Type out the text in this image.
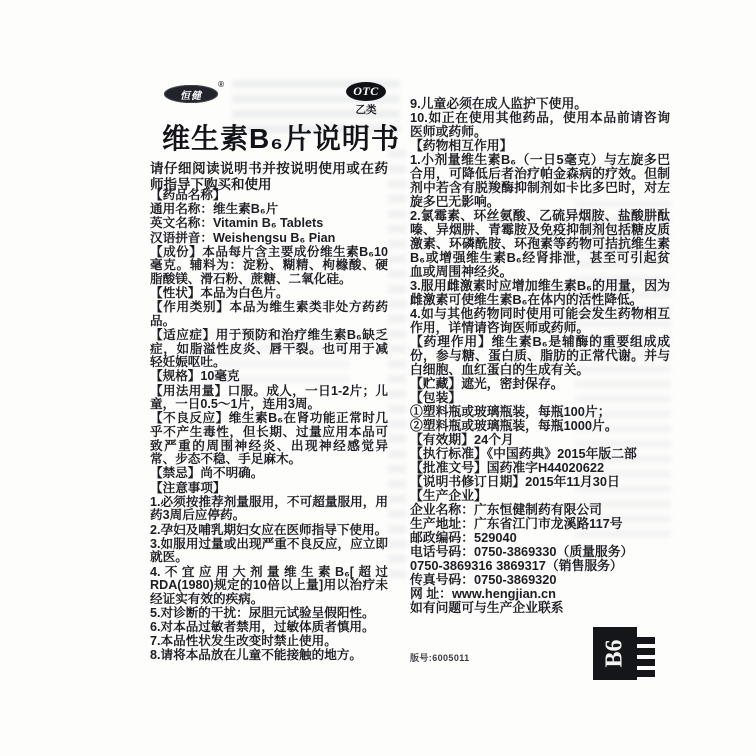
恒健
®	OTC
乙类
维生素B₆片说明书

请仔细阅读说明书并按说明使用或在药师指导下购买和使用

【药品名称】

通用名称：维生素B₆片

英文名称：Vitamin B₆ Tablets

汉语拼音：Weishengsu B₆ Pian

【成份】本品每片含主要成份维生素B₆10毫克。辅料为：淀粉、糊精、枸橼酸、硬脂酸镁、滑石粉、蔗糖、二氧化硅。

【性状】本品为白色片。

【作用类别】本品为维生素类非处方药药品。

【适应症】用于预防和治疗维生素B₆缺乏症，如脂溢性皮炎、唇干裂。也可用于减轻妊娠呕吐。

【规格】10毫克

【用法用量】口服。成人，一日1-2片；儿童，一日0.5～1片，连用3周。

【不良反应】维生素B₆在肾功能正常时几乎不产生毒性，但长期、过量应用本品可致严重的周围神经炎、出现神经感觉异常、步态不稳、手足麻木。

【禁忌】尚不明确。

【注意事项】

1.必须按推荐剂量服用，不可超量服用，用药3周后应停药。

2.孕妇及哺乳期妇女应在医师指导下使用。

3.如服用过量或出现严重不良反应，应立即就医。

4.不宜应用大剂量维生素B₆[超过RDA(1980)规定的10倍以上量]用以治疗未经证实有效的疾病。

5.对诊断的干扰：尿胆元试验呈假阳性。

6.对本品过敏者禁用，过敏体质者慎用。

7.本品性状发生改变时禁止使用。

8.请将本品放在儿童不能接触的地方。

9.儿童必须在成人监护下使用。

10.如正在使用其他药品，使用本品前请咨询医师或药师。

【药物相互作用】

1.小剂量维生素B₆（一日5毫克）与左旋多巴合用，可降低后者治疗帕金森病的疗效。但制剂中若含有脱羧酶抑制剂如卡比多巴时，对左旋多巴无影响。

2.氯霉素、环丝氨酸、乙硫异烟胺、盐酸肼酞嗪、异烟肼、青霉胺及免疫抑制剂包括糖皮质激素、环磷酰胺、环孢素等药物可拮抗维生素B₆或增强维生素B₆经肾排泄，甚至可引起贫血或周围神经炎。

3.服用雌激素时应增加维生素B₆的用量，因为雌激素可使维生素B₆在体内的活性降低。

4.如与其他药物同时使用可能会发生药物相互作用，详情请咨询医师或药师。

【药理作用】维生素B₆是辅酶的重要组成成份，参与糖、蛋白质、脂肪的正常代谢。并与白细胞、血红蛋白的生成有关。

【贮藏】遮光，密封保存。

【包装】

①塑料瓶或玻璃瓶装，每瓶100片；

②塑料瓶或玻璃瓶装，每瓶1000片。

【有效期】24个月

【执行标准】《中国药典》2015年版二部

【批准文号】国药准字H44020622

【说明书修订日期】2015年11月30日

【生产企业】

企业名称：广东恒健制药有限公司

生产地址：广东省江门市龙溪路117号

邮政编码：529040

电话号码：0750-3869330（质量服务）

0750-3869316 3869317（销售服务）

传真号码：0750-3869320

网 址：www.hengjian.cn

如有问题可与生产企业联系

版号:6005011	B6
